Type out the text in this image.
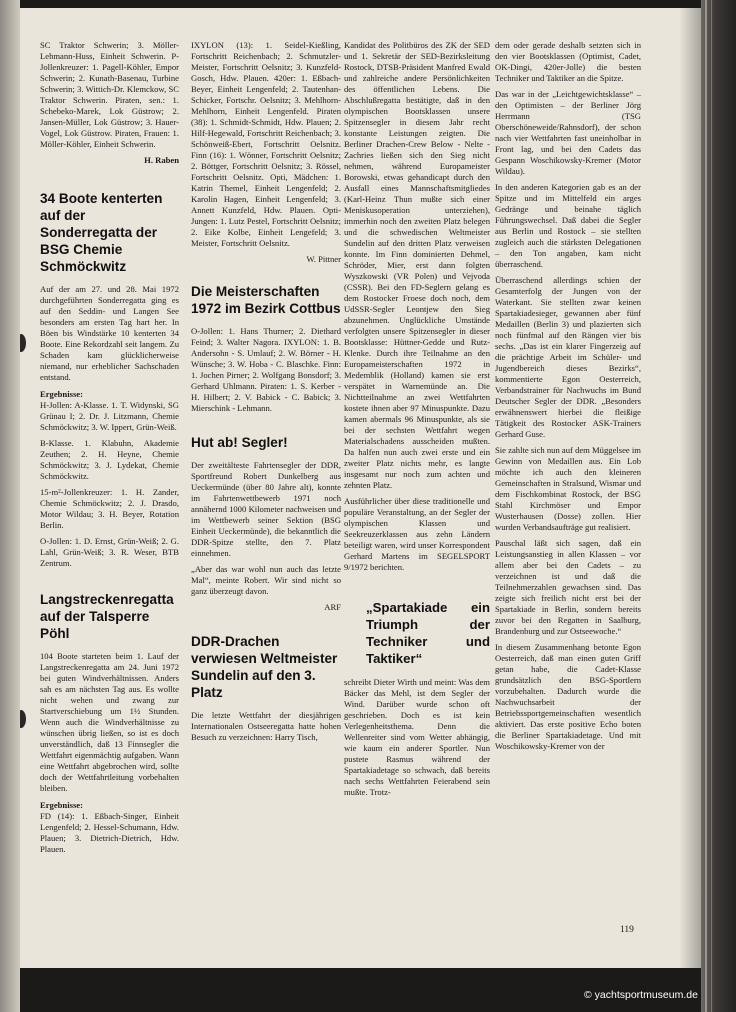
SC Traktor Schwerin; 3. Möller-Lehmann-Huss, Einheit Schwerin. P-Jollenkreuzer: 1. Pagell-Köhler, Empor Schwerin; 2. Kunath-Basenau, Turbine Schwerin; 3. Wittich-Dr. Klemckow, SC Traktor Schwerin. Piraten, sen.: 1. Schebeko-Marek, Lok Güstrow; 2. Jansen-Müller, Lok Güstrow; 3. Hauer-Vogel, Lok Güstrow. Piraten, Frauen: 1. Möller-Köhler, Einheit Schwerin.

H. Raben
34 Boote kenterten auf der Sonderregatta der BSG Chemie Schmöckwitz

Auf der am 27. und 28. Mai 1972 durchgeführten Sonderregatta ging es auf den Seddin- und Langen See besonders am ersten Tag hart her. In Böen bis Windstärke 10 kenterten 34 Boote. Eine Rekordzahl seit langem. Zu Schaden kam glücklicherweise niemand, nur erheblicher Sachschaden entstand.

Ergebnisse:

H-Jollen: A-Klasse. 1. T. Widynski, SG Grünau I; 2. Dr. J. Litzmann, Chemie Schmöckwitz; 3. W. Ippert, Grün-Weiß.

B-Klasse. 1. Klabuhn, Akademie Zeuthen; 2. H. Heyne, Chemie Schmöckwitz; 3. J. Lydekat, Chemie Schmöckwitz.

15-m²-Jollenkreuzer: 1. H. Zander, Chemie Schmöckwitz; 2. J. Drasdo, Motor Wildau; 3. H. Beyer, Rotation Berlin.

O-Jollen: 1. D. Ernst, Grün-Weiß; 2. G. Lahl, Grün-Weiß; 3. R. Weser, BTB Zentrum.

Langstreckenregatta auf der Talsperre Pöhl

104 Boote starteten beim 1. Lauf der Langstreckenregatta am 24. Juni 1972 bei guten Windverhältnissen. Anders sah es am nächsten Tag aus. Es wollte nicht wehen und zwang zur Startverschiebung um 1½ Stunden. Wenn auch die Windverhältnisse zu wünschen übrig ließen, so ist es doch unverständlich, daß 13 Finnsegler die Wettfahrt eigenmächtig aufgaben. Wann eine Wettfahrt abgebrochen wird, sollte doch der Wettfahrtleitung vorbehalten bleiben.

Ergebnisse:

FD (14): 1. Eßbach-Singer, Einheit Lengenfeld; 2. Hessel-Schumann, Hdw. Plauen; 3. Dietrich-Dietrich, Hdw. Plauen.

IXYLON (13): 1. Seidel-Kießling, Fortschritt Reichenbach; 2. Schmutzler-Meister, Fortschritt Oelsnitz; 3. Kunzfeld-Gosch, Hdw. Plauen. 420er: 1. Eßbach-Beyer, Einheit Lengenfeld; 2. Tautenhan-Schicker, Fortschr. Oelsnitz; 3. Mehlhorn-Mehlhorn, Einheit Lengenfeld. Piraten (38): 1. Schmidt-Schmidt, Hdw. Plauen; 2. Hilf-Hegewald, Fortschritt Reichenbach; 3. Schönweiß-Ebert, Fortschritt Oelsnitz. Finn (16): 1. Wönner, Fortschritt Oelsnitz; 2. Böttger, Fortschritt Oelsnitz; 3. Rössel, Fortschritt Oelsnitz. Opti, Mädchen: 1. Katrin Themel, Einheit Lengenfeld; 2. Karolin Hagen, Einheit Lengenfeld; 3. Annett Kunzfeld, Hdw. Plauen. Opti-Jungen: 1. Lutz Pestel, Fortschritt Oelsnitz; 2. Eike Kolbe, Einheit Lengefeld; 3. Meister, Fortschritt Oelsnitz.

W. Pittner
Die Meisterschaften 1972 im Bezirk Cottbus

O-Jollen: 1. Hans Thurner; 2. Diethard Feind; 3. Walter Nagora. IXYLON: 1. B. Andersohn - S. Umlauf; 2. W. Börner - H. Wünsche; 3. W. Hoba - C. Blaschke. Finn: 1. Jochen Pirner; 2. Wolfgang Bonsdorf; 3. Gerhard Uhlmann. Piraten: 1. S. Kerber - H. Hilbert; 2. V. Babick - C. Babick; 3. Mierschink - Lehmann.

Hut ab! Segler!

Der zweitälteste Fahrtensegler der DDR, Sportfreund Robert Dunkelberg aus Ueckermünde (über 80 Jahre alt), konnte im Fahrtenwettbewerb 1971 noch annähernd 1000 Kilometer nachweisen und im Wettbewerb seiner Sektion (BSG Einheit Ueckermünde), die bekanntlich die DDR-Spitze stellte, den 7. Platz einnehmen.

„Aber das war wohl nun auch das letzte Mal“, meinte Robert. Wir sind nicht so ganz überzeugt davon.

ARF
DDR-Drachen verwiesen Weltmeister Sundelin auf den 3. Platz

Die letzte Wettfahrt der diesjährigen Internationalen Ostseeregatta hatte hohen Besuch zu verzeichnen: Harry Tisch,

Kandidat des Politbüros des ZK der SED und 1. Sekretär der SED-Bezirksleitung Rostock, DTSB-Präsident Manfred Ewald und zahlreiche andere Persönlichkeiten des öffentlichen Lebens. Die Abschlußregatta bestätigte, daß in den olympischen Bootsklassen unsere Spitzensegler in diesem Jahr recht konstante Leistungen zeigten. Die Berliner Drachen-Crew Below - Nelte - Zachries ließen sich den Sieg nicht nehmen, während Europameister Borowski, etwas gehandicapt durch den Ausfall eines Mannschaftsmitgliedes (Karl-Heinz Thun mußte sich einer Meniskusoperation unterziehen), immerhin noch den zweiten Platz belegen und die schwedischen Weltmeister Sundelin auf den dritten Platz verweisen konnte. Im Finn dominierten Dehmel, Schröder, Mier, erst dann folgten Wyszkowski (VR Polen) und Vejvoda (CSSR). Bei den FD-Seglern gelang es dem Rostocker Froese doch noch, dem UdSSR-Segler Leontjew den Sieg abzunehmen. Unglückliche Umstände verfolgten unsere Spitzensegler in dieser Bootsklasse: Hüttner-Gedde und Rutz-Klenke. Durch ihre Teilnahme an den Europameisterschaften 1972 in Medemblik (Holland) kamen sie erst verspätet in Warnemünde an. Die Nichtteilnahme an zwei Wettfahrten kostete ihnen aber 97 Minuspunkte. Dazu kamen abermals 96 Minuspunkte, als sie bei der sechsten Wettfahrt wegen Materialschadens ausscheiden mußten. Da halfen nun auch zwei erste und ein zweiter Platz nichts mehr, es langte insgesamt nur noch zum achten und zehnten Platz.

Ausführlicher über diese traditionelle und populäre Veranstaltung, an der Segler der olympischen Klassen und Seekreuzerklassen aus zehn Ländern beteiligt waren, wird unser Korrespondent Gerhard Martens im SEGELSPORT 9/1972 berichten.

„Spartakiade ein Triumph der Techniker und Taktiker“

schreibt Dieter Wirth und meint: Was dem Bäcker das Mehl, ist dem Segler der Wind. Darüber wurde schon oft geschrieben. Doch es ist kein Verlegenheitsthema. Denn die Wellenreiter sind vom Wetter abhängig, wie kaum ein anderer Sportler. Nun pustete Rasmus während der Spartakiadetage so schwach, daß bereits nach sechs Wettfahrten Feierabend sein mußte. Trotz-

dem oder gerade deshalb setzten sich in den vier Bootsklassen (Optimist, Cadet, OK-Dingi, 420er-Jolle) die besten Techniker und Taktiker an die Spitze.

Das war in der „Leichtgewichtsklasse“ – den Optimisten – der Berliner Jörg Herrmann (TSG Oberschöneweide/Rahnsdorf), der schon nach vier Wettfahrten fast uneinholbar in Front lag, und bei den Cadets das Gespann Woschikowsky-Kremer (Motor Wildau).

In den anderen Kategorien gab es an der Spitze und im Mittelfeld ein arges Gedränge und beinahe täglich Führungswechsel. Daß dabei die Segler aus Berlin und Rostock – sie stellten zugleich auch die stärksten Delegationen – den Ton angaben, kam nicht überraschend.

Überraschend allerdings schien der Gesamterfolg der Jungen von der Waterkant. Sie stellten zwar keinen Spartakiadesieger, gewannen aber fünf Medaillen (Berlin 3) und plazierten sich noch fünfmal auf den Rängen vier bis sechs. „Das ist ein klarer Fingerzeig auf die prächtige Arbeit im Schüler- und Jugendbereich dieses Bezirks“, kommentierte Egon Oesterreich, Verbandstrainer für Nachwuchs im Bund Deutscher Segler der DDR. „Besonders erwähnenswert hierbei die fleißige Tätigkeit des Rostocker ASK-Trainers Gerhard Guse.

Sie zahlte sich nun auf dem Müggelsee im Gewinn von Medaillen aus. Ein Lob möchte ich auch den kleineren Gemeinschaften in Stralsund, Wismar und dem Fischkombinat Rostock, der BSG Stahl Kirchmöser und Empor Wusterhausen (Dosse) zollen. Hier wurden Verbandsaufträge gut realisiert.

Pauschal läßt sich sagen, daß ein Leistungsanstieg in allen Klassen – vor allem aber bei den Cadets – zu verzeichnen ist und daß die Teilnehmerzahlen gewachsen sind. Das zeigte sich freilich nicht erst bei der Spartakiade in Berlin, sondern bereits zuvor bei den Regatten in Saalburg, Brandenburg und zur Ostseewoche.“

In diesem Zusammenhang betonte Egon Oesterreich, daß man einen guten Griff getan habe, die Cadet-Klasse grundsätzlich den BSG-Sportlern vorzubehalten. Dadurch wurde die Nachwuchsarbeit der Betriebssportgemeinschaften wesentlich aktiviert. Das erste positive Echo boten die Berliner Spartakiadetage. Und mit Woschikowsky-Kremer von der

119
© yachtsportmuseum.de
